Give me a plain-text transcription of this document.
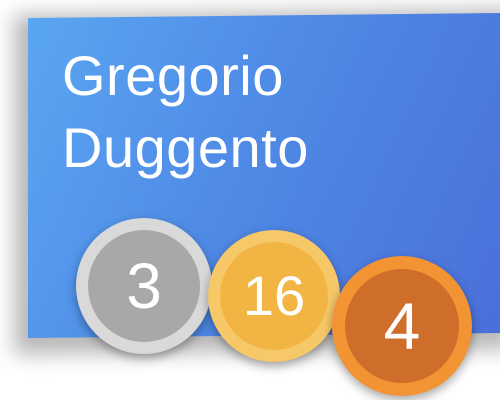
Gregorio
Duggento
3	16	4
